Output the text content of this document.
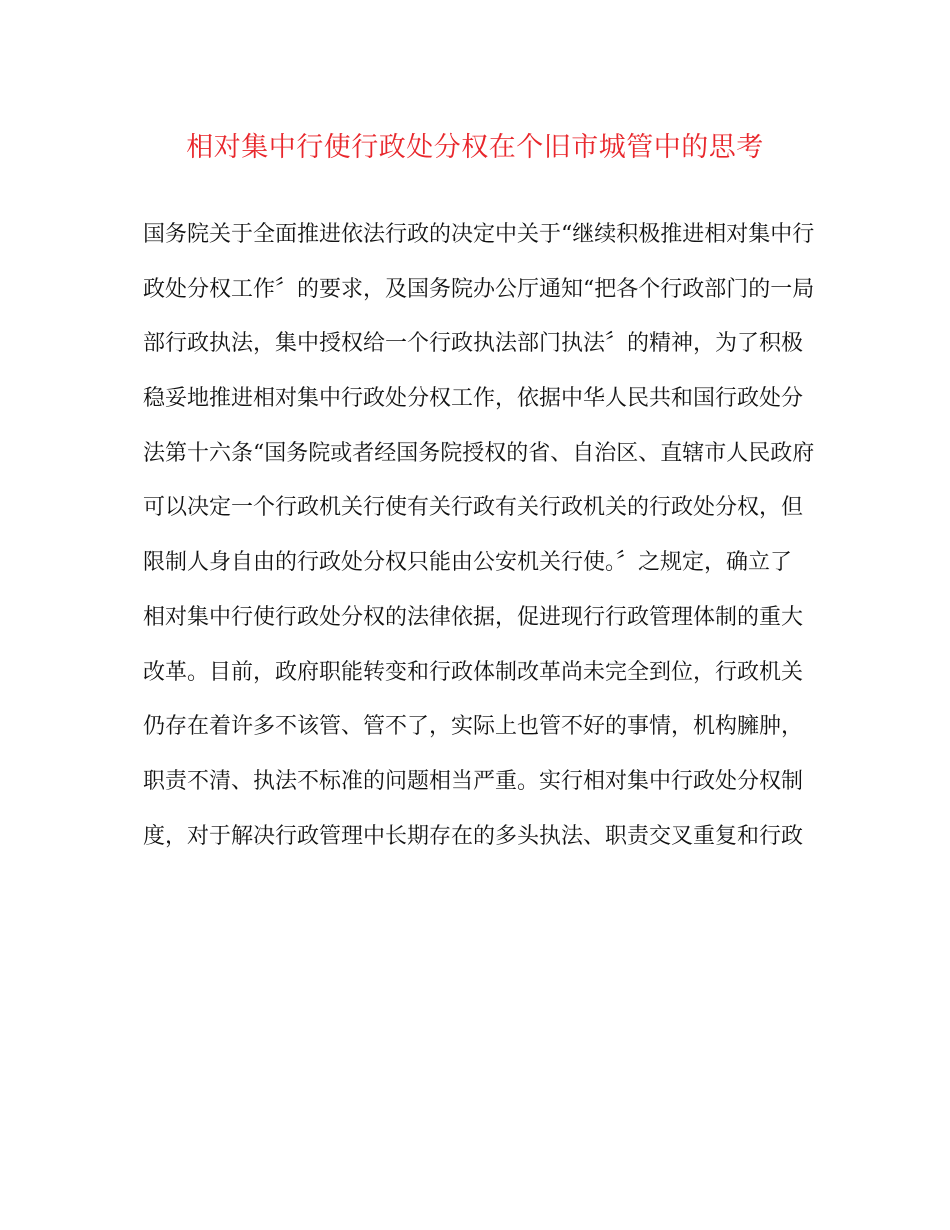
相对集中行使行政处分权在个旧市城管中的思考
国务院关于全面推进依法行政的决定中关于“继续积极推进相对集中行
政处分权工作〞的要求，及国务院办公厅通知“把各个行政部门的一局
部行政执法，集中授权给一个行政执法部门执法〞的精神，为了积极
稳妥地推进相对集中行政处分权工作，依据中华人民共和国行政处分
法第十六条“国务院或者经国务院授权的省、自治区、直辖市人民政府
可以决定一个行政机关行使有关行政有关行政机关的行政处分权，但
限制人身自由的行政处分权只能由公安机关行使。〞之规定，确立了
相对集中行使行政处分权的法律依据，促进现行行政管理体制的重大
改革。目前，政府职能转变和行政体制改革尚未完全到位，行政机关
仍存在着许多不该管、管不了，实际上也管不好的事情，机构臃肿，
职责不清、执法不标准的问题相当严重。实行相对集中行政处分权制
度，对于解决行政管理中长期存在的多头执法、职责交叉重复和行政
